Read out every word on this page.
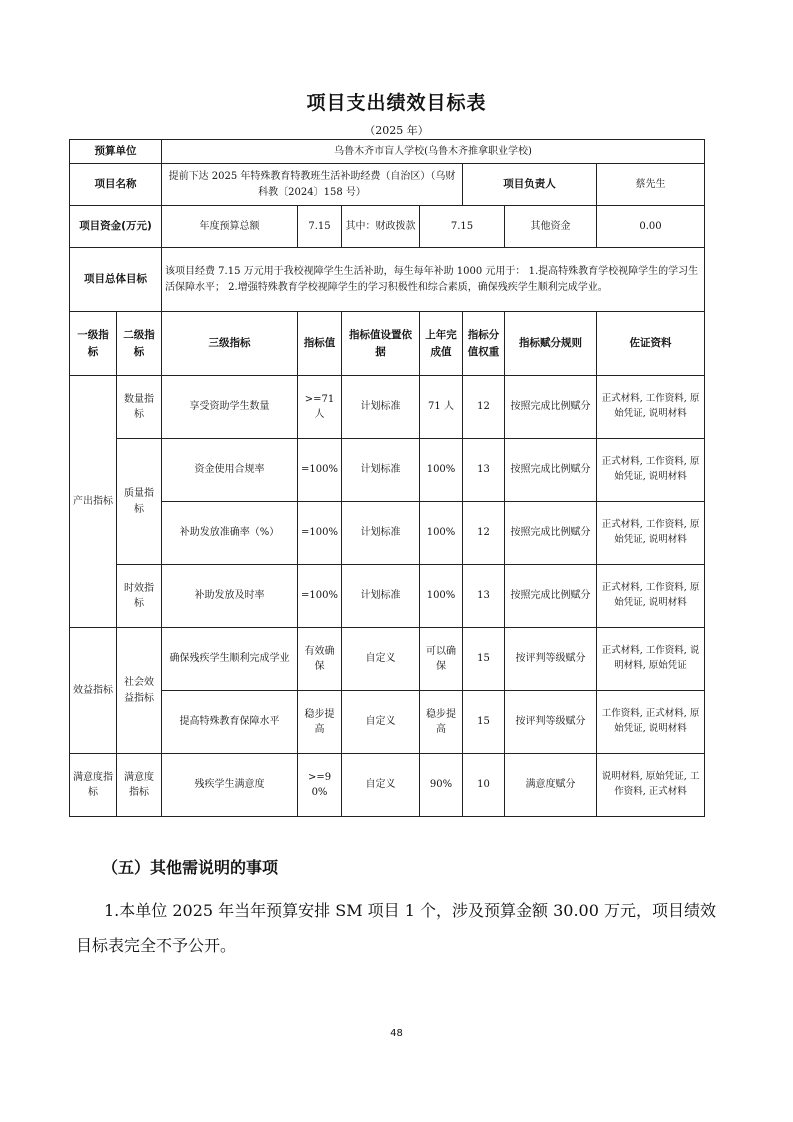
项目支出绩效目标表
（2025 年）
预算单位		乌鲁木齐市盲人学校(乌鲁木齐推拿职业学校)						
项目名称		提前下达 2025 年特殊教育特教班生活补助经费（自治区）（乌财科教〔2024〕158 号）				项目负责人		蔡先生
项目资金(万元)		年度预算总额	7.15	其中：财政拨款	7.15		其他资金	0.00
项目总体目标		该项目经费 7.15 万元用于我校视障学生生活补助，每生每年补助 1000 元用于： 1.提高特殊教育学校视障学生的学习生活保障水平； 2.增强特殊教育学校视障学生的学习积极性和综合素质，确保残疾学生顺利完成学业。						
一级指标	二级指标	三级指标	指标值	指标值设置依据	上年完成值	指标分值权重	指标赋分规则	佐证资料
产出指标	数量指标	享受资助学生数量	>=71 人	计划标准	71 人	12	按照完成比例赋分	正式材料, 工作资料, 原始凭证, 说明材料
	质量指标	资金使用合规率	=100%	计划标准	100%	13	按照完成比例赋分	正式材料, 工作资料, 原始凭证, 说明材料
		补助发放准确率（%）	=100%	计划标准	100%	12	按照完成比例赋分	正式材料, 工作资料, 原始凭证, 说明材料
	时效指标	补助发放及时率	=100%	计划标准	100%	13	按照完成比例赋分	正式材料, 工作资料, 原始凭证, 说明材料
效益指标	社会效益指标	确保残疾学生顺利完成学业	有效确保	自定义	可以确保	15	按评判等级赋分	正式材料, 工作资料, 说明材料, 原始凭证
		提高特殊教育保障水平	稳步提高	自定义	稳步提高	15	按评判等级赋分	工作资料, 正式材料, 原始凭证, 说明材料
满意度指标	满意度指标	残疾学生满意度	>=90%	自定义	90%	10	满意度赋分	说明材料, 原始凭证, 工作资料, 正式材料
（五）其他需说明的事项
1.本单位 2025 年当年预算安排 SM 项目 1 个，涉及预算金额 30.00 万元，项目绩效目标表完全不予公开。
48
